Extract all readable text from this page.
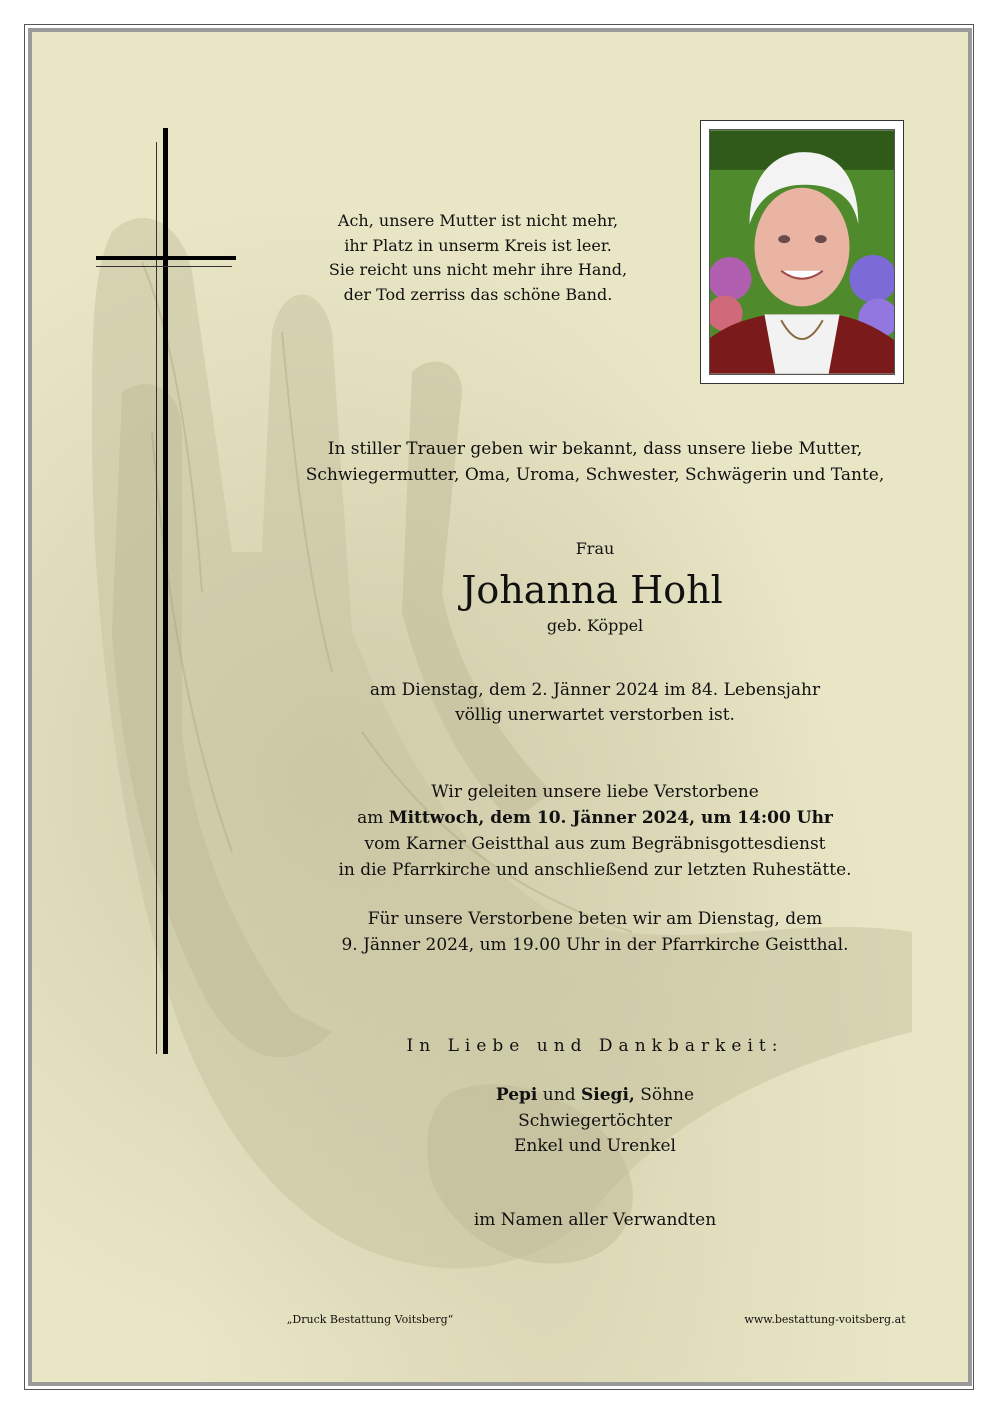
Ach, unsere Mutter ist nicht mehr,
ihr Platz in unserm Kreis ist leer.
Sie reicht uns nicht mehr ihre Hand,
der Tod zerriss das schöne Band.
In stiller Trauer geben wir bekannt, dass unsere liebe Mutter,
Schwiegermutter, Oma, Uroma, Schwester, Schwägerin und Tante,
Frau
Johanna Hohl
geb. Köppel
am Dienstag, dem 2. Jänner 2024 im 84. Lebensjahr
völlig unerwartet verstorben ist.
Wir geleiten unsere liebe Verstorbene
am Mittwoch, dem 10. Jänner 2024, um 14:00 Uhr
vom Karner Geistthal aus zum Begräbnisgottesdienst
in die Pfarrkirche und anschließend zur letzten Ruhestätte.
Für unsere Verstorbene beten wir am Dienstag, dem
9. Jänner 2024, um 19.00 Uhr in der Pfarrkirche Geistthal.
In Liebe und Dankbarkeit:
Pepi und Siegi, Söhne
Schwiegertöchter
Enkel und Urenkel
im Namen aller Verwandten
„Druck Bestattung Voitsberg“	www.bestattung-voitsberg.at
